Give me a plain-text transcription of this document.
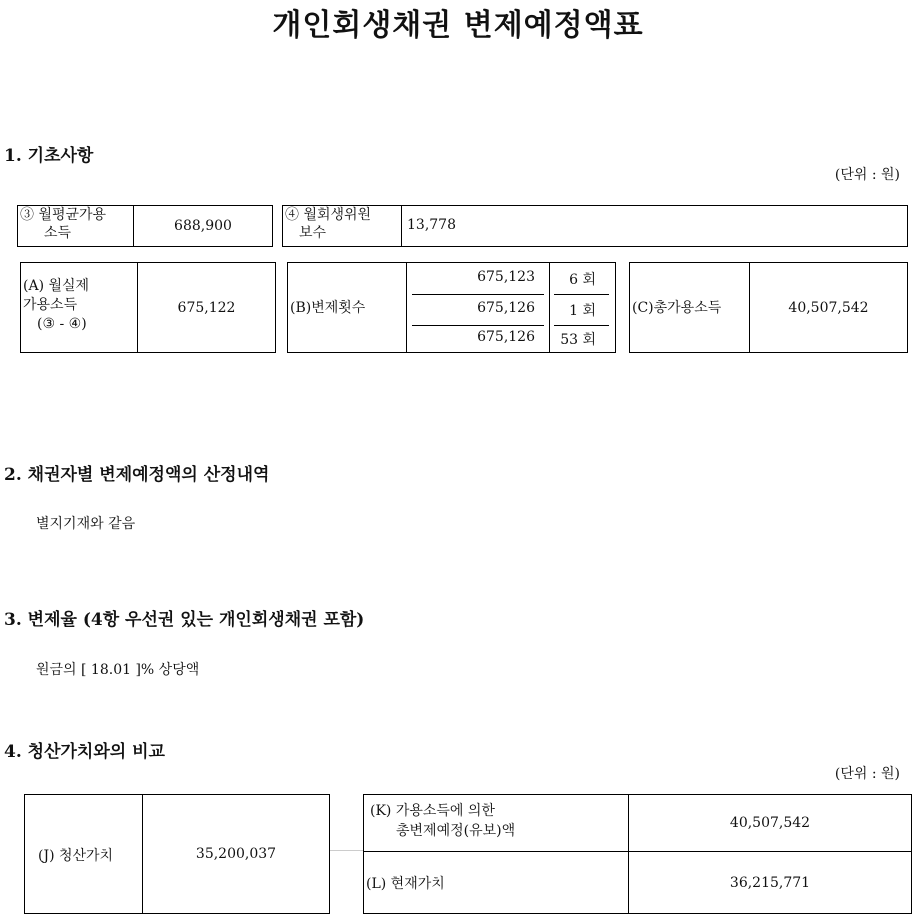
개인회생채권 변제예정액표
1. 기초사항
(단위 : 원)
③ 월평균가용
소득	688,900
④ 월회생위원
보수	13,778
(A) 월실제
가용소득
(③ - ④)
675,122	(B)변제횟수
675,123	6 회
675,126	1 회
675,126	53 회
(C)총가용소득	40,507,542
2. 채권자별 변제예정액의 산정내역
별지기재와 같음
3. 변제율 (4항 우선권 있는 개인회생채권 포함)
원금의 [ 18.01 ]% 상당액
4. 청산가치와의 비교
(단위 : 원)
(J) 청산가치	35,200,037
(K) 가용소득에 의한
총변제예정(유보)액	40,507,542
(L) 현재가치	36,215,771
